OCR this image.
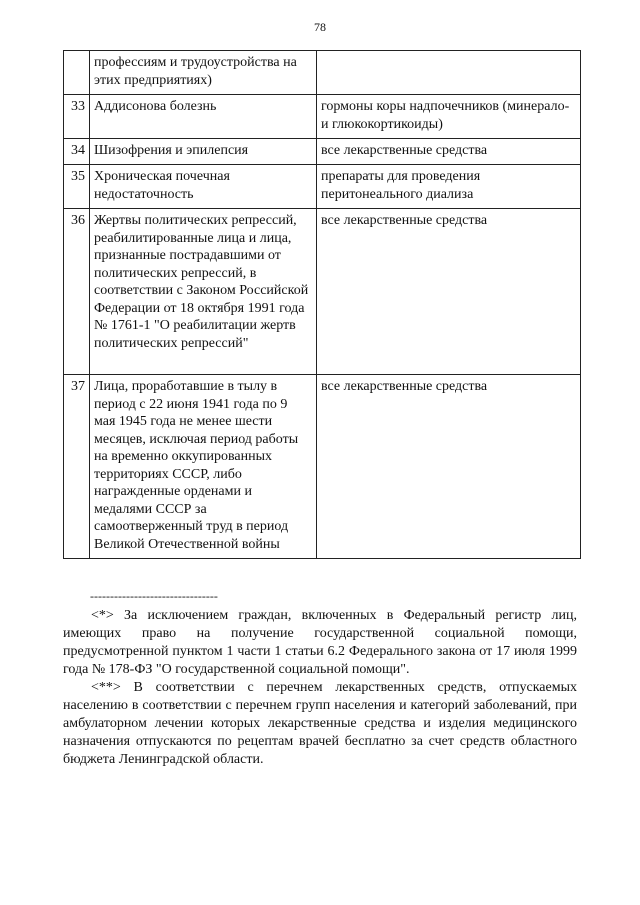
78
	профессиям и трудоустройства на этих предприятиях)	
33	Аддисонова болезнь	гормоны коры надпочечников (минерало- и глюкокортикоиды)
34	Шизофрения и эпилепсия	все лекарственные средства
35	Хроническая почечная недостаточность	препараты для проведения перитонеального диализа
36	Жертвы политических репрессий, реабилитированные лица и лица, признанные пострадавшими от политических репрессий, в соответствии с Законом Российской Федерации от 18 октября 1991 года № 1761-1 "О реабилитации жертв политических репрессий"	все лекарственные средства
37	Лица, проработавшие в тылу в период с 22 июня 1941 года по 9 мая 1945 года не менее шести месяцев, исключая период работы на временно оккупированных территориях СССР, либо награжденные орденами и медалями СССР за самоотверженный труд в период Великой Отечественной войны	все лекарственные средства
--------------------------------
<*> За исключением граждан, включенных в Федеральный регистр лиц, имеющих право на получение государственной социальной помощи, предусмотренной пунктом 1 части 1 статьи 6.2 Федерального закона от 17 июля 1999 года № 178-ФЗ "О государственной социальной помощи".
<**> В соответствии с перечнем лекарственных средств, отпускаемых населению в соответствии с перечнем групп населения и категорий заболеваний, при амбулаторном лечении которых лекарственные средства и изделия медицинского назначения отпускаются по рецептам врачей бесплатно за счет средств областного бюджета Ленинградской области.
